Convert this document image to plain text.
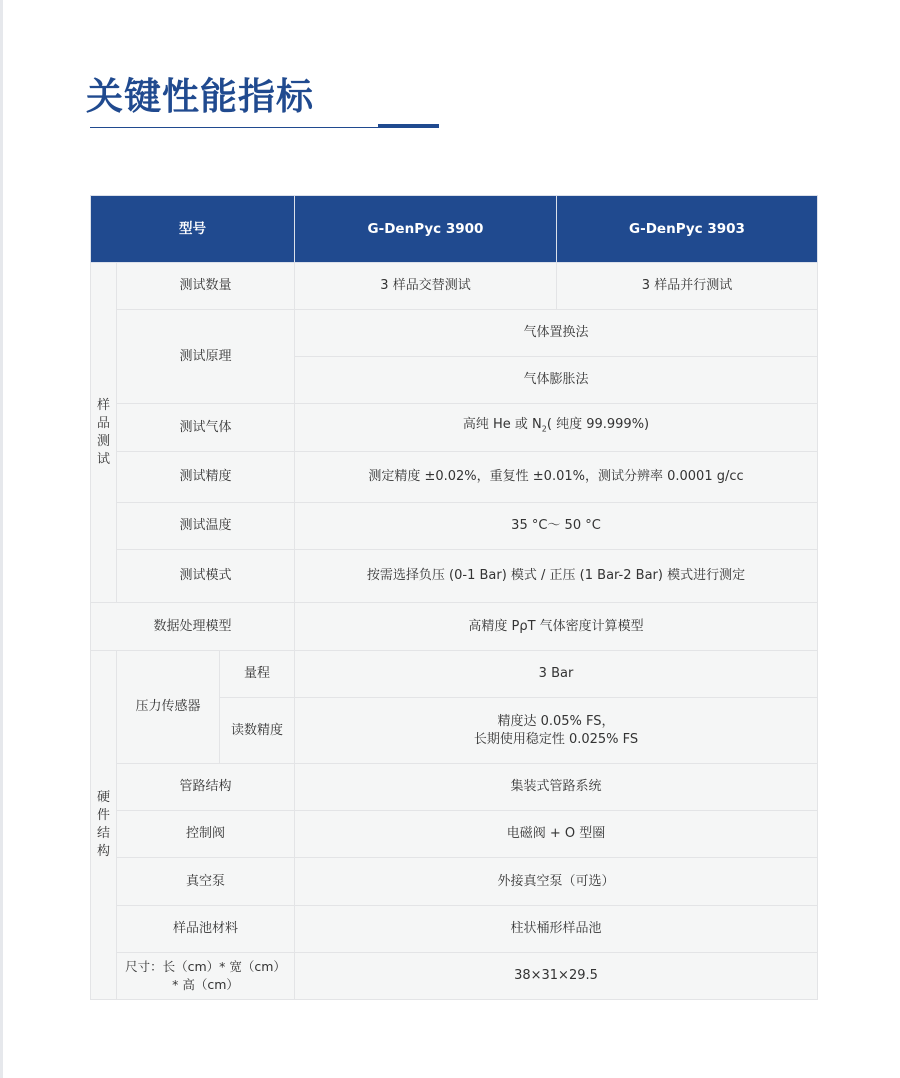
关键性能指标
型号			G-DenPyc 3900	G-DenPyc 3903

样
品
测
试	测试数量		3 样品交替测试	3 样品并行测试
	测试原理		气体置换法	
			气体膨胀法	
	测试气体		高纯 He 或 $N_2$( 纯度 99.999%)	
	测试精度		测定精度 ±0.02%，重复性 ±0.01%，测试分辨率 0.0001 g/cc	
	测试温度		35 °C～ 50 °C	
	测试模式		按需选择负压 (0-1 Bar) 模式 / 正压 (1 Bar-2 Bar) 模式进行测定	
数据处理模型			高精度 PρT 气体密度计算模型	

硬
件
结
构	压力传感器	量程	3 Bar	
		读数精度	精度达 0.05% FS，
长期使用稳定性 0.025% FS	

	管路结构		集装式管路系统	
	控制阀		电磁阀 + O 型圈	
	真空泵		外接真空泵（可选）	
	样品池材料		柱状桶形样品池	

	尺寸：长（cm）* 宽（cm）
* 高（cm）		38×31×29.5	
